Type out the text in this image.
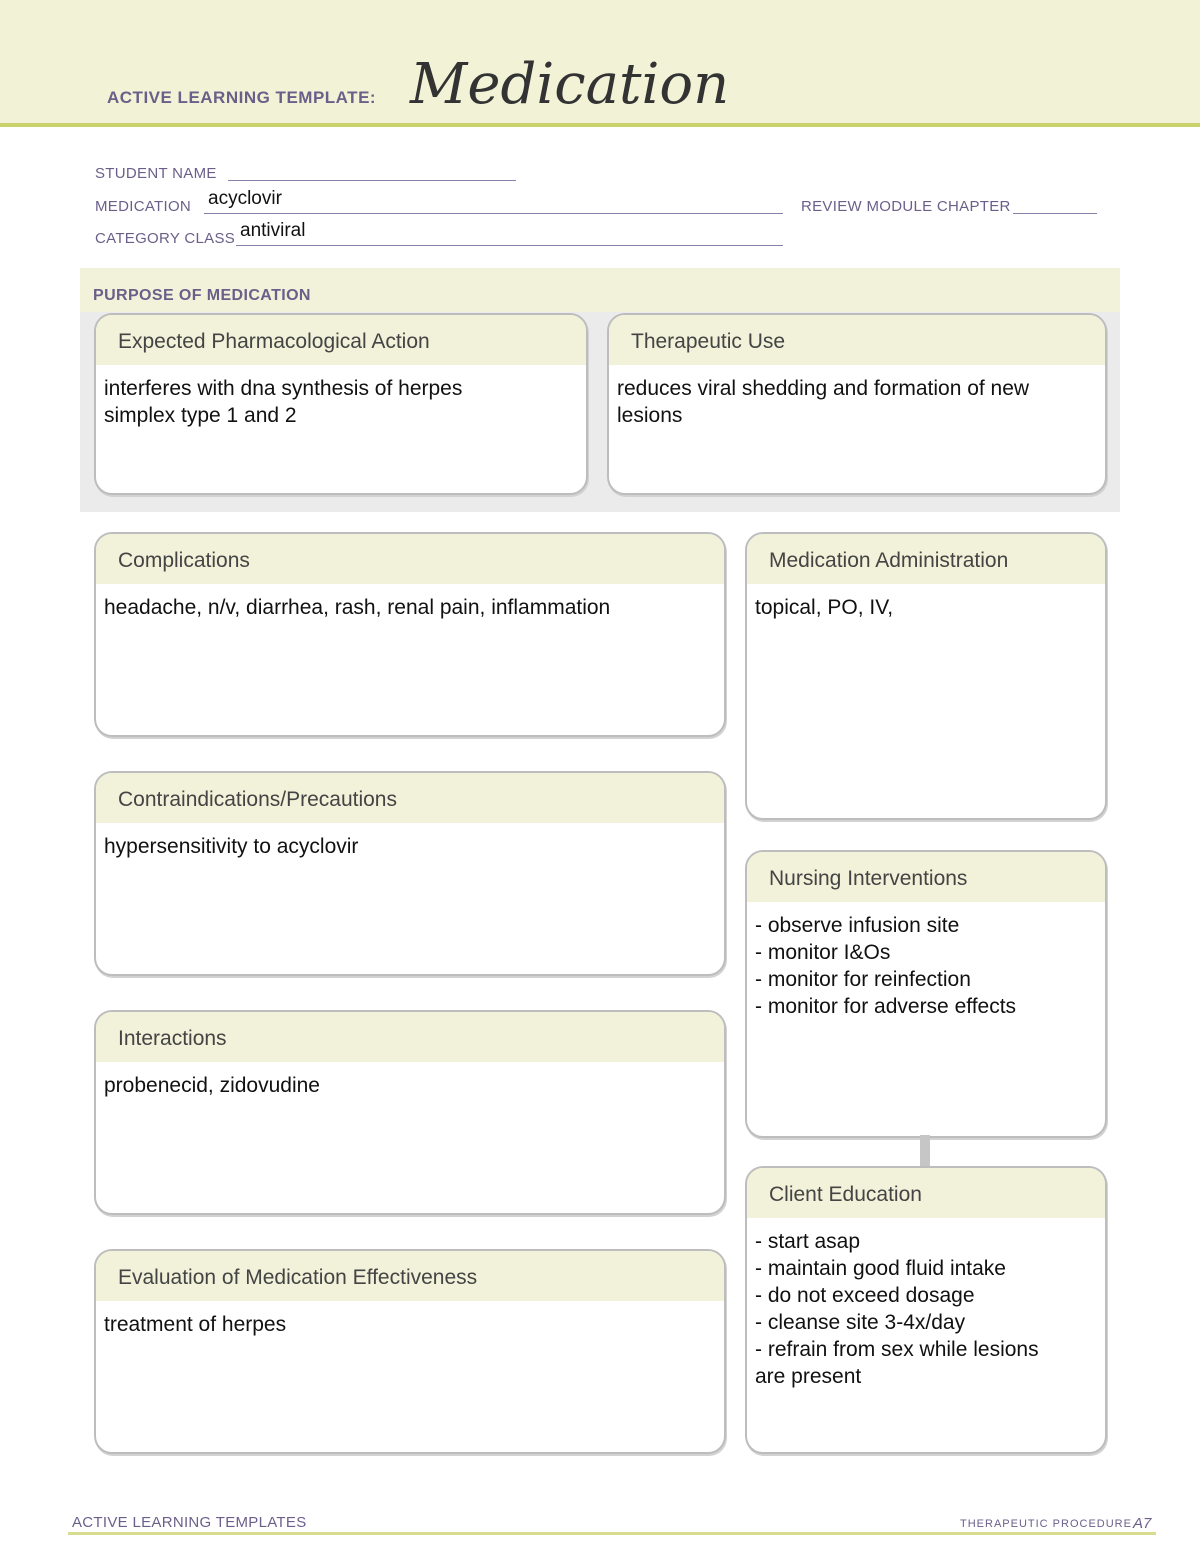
ACTIVE LEARNING TEMPLATE: Medication
STUDENT NAME
MEDICATION acyclovir	REVIEW MODULE CHAPTER
CATEGORY CLASS antiviral
PURPOSE OF MEDICATION
Expected Pharmacological Action
interferes with dna synthesis of herpes
simplex type 1 and 2
Therapeutic Use
reduces viral shedding and formation of new
lesions
Complications
headache, n/v, diarrhea, rash, renal pain, inflammation
Contraindications/Precautions
hypersensitivity to acyclovir
Interactions
probenecid, zidovudine
Evaluation of Medication Effectiveness
treatment of herpes
Medication Administration
topical, PO, IV,
Nursing Interventions
- observe infusion site
- monitor I&Os
- monitor for reinfection
- monitor for adverse effects
Client Education
- start asap
- maintain good fluid intake
- do not exceed dosage
- cleanse site 3-4x/day
- refrain from sex while lesions
are present
ACTIVE LEARNING TEMPLATES	THERAPEUTIC PROCEDURE A7
